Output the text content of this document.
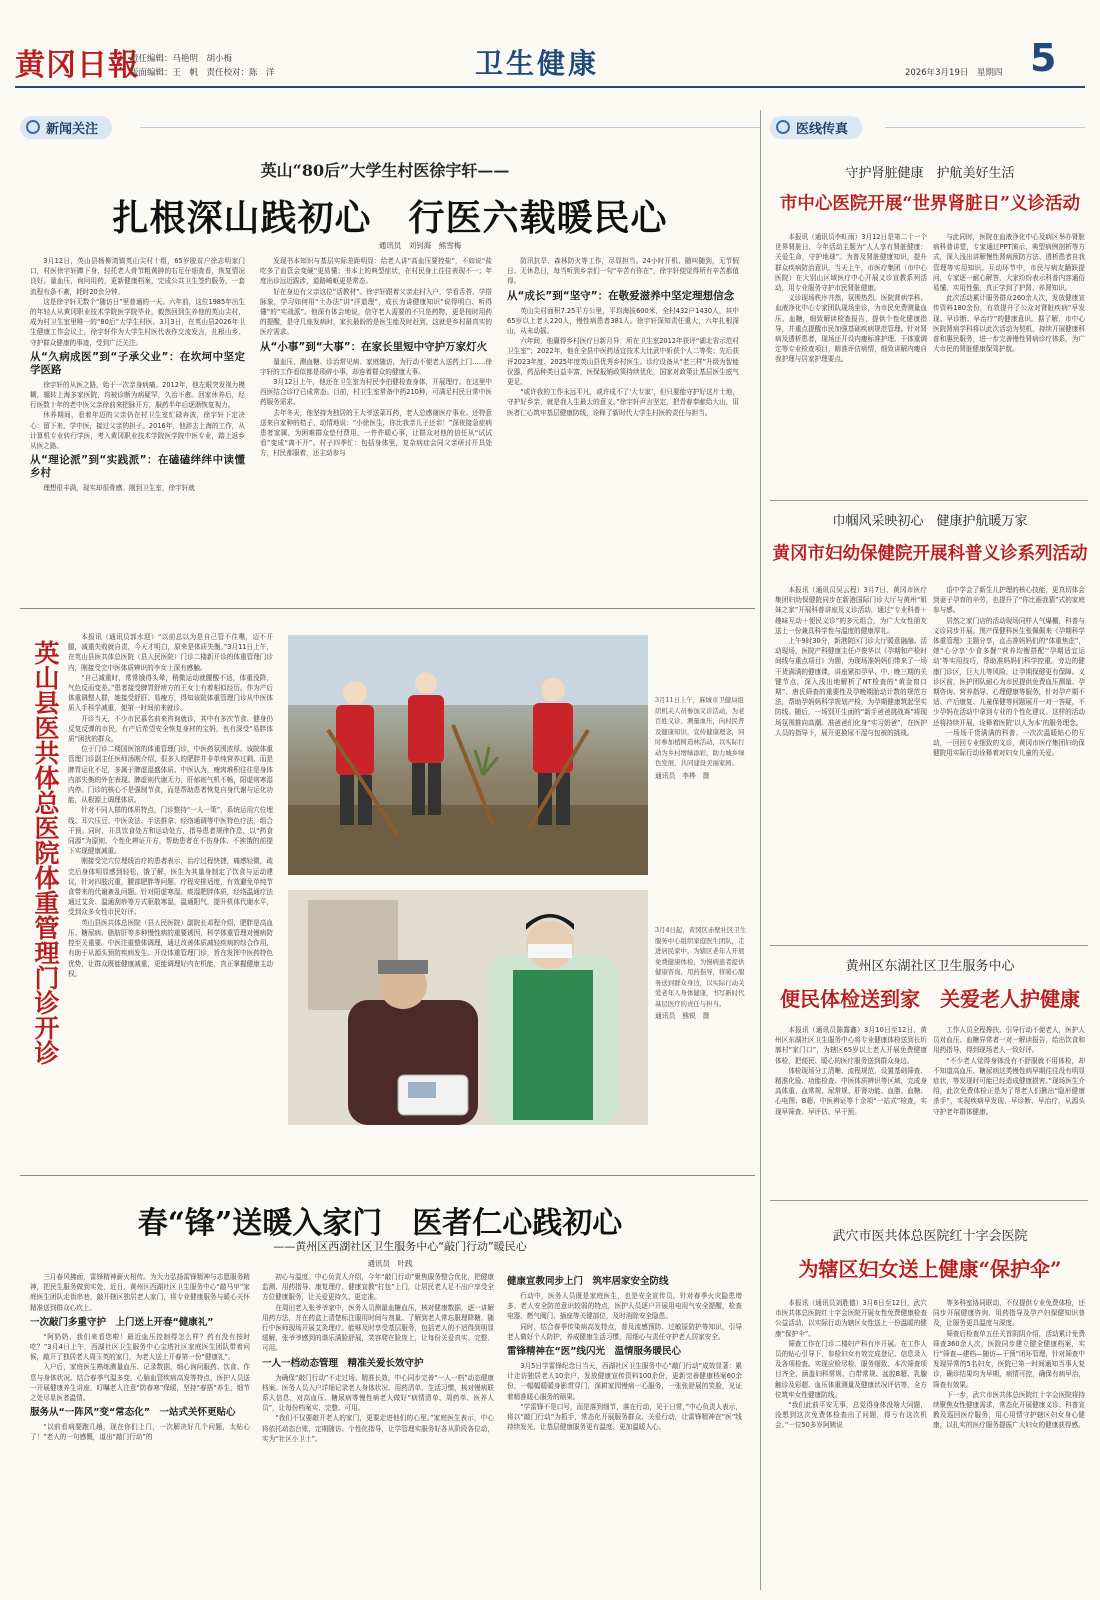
黄冈日報
责任编辑：马艳明　胡小梅
版面编辑：王　帆　责任校对：陈　洋	卫生健康	2026年3月19日　星期四 5
新闻关注	医线传真
英山“80后”大学生村医徐宇轩——
扎根深山践初心　行医六载暖民心
通讯员　刘钊海　熊雪梅

3月12日，英山县杨柳湾镇英山尖村十组，65岁脱贫户徐志明家门口，村医徐宇轩蹲下身，轻托老人骨节粗黄肿的右足仔细查看，恢复情况良好。量血压，询问用药，更新健康档案，完成公共卫生签约服务，一套流程有条不紊，耗时20余分钟。

这是徐宇轩无数个“随访日”里普通的一天。六年前，这位1985年出生的年轻人从黄冈职业技术学院医学院毕业，毅然回到生养他的英山尖村，成为村卫生室里唯一的“80后”大学生村医。3月3日，在英山县2026年卫生健康工作会议上，徐宇轩作为大学生村医代表作交流发言，扎根山乡、守护群众健康的事迹，受到广泛关注。

从“久病成医”到“子承父业”：在坎坷中坚定学医路

徐宇轩的从医之路，始于一次亲身病痛。2012年，他左眼突发视力模糊，辗转上海多家医院，均被诊断为病疑罕，久治不愈。回家休养后，经行医数十年的老中医父亲徐前来把脉开方，服药半年后逐渐恢复视力。

休养期间，看着年迈的父亲仍在村卫生室忙碌奔波，徐宇轩下定决心：留下来，学中医，接过父亲的担子。2016年，他辞去上海的工作，从计算机专业转行学医，考入黄冈职业技术学院医学院中医专业，踏上返乡从医之路。

从“理论派”到“实践派”：在磕磕绊绊中读懂乡村

理想很丰满，现实却很骨感。刚到卫生室，徐宇轩就

发现书本知识与基层实际差距明显：给老人讲“高血压要控盐”，不如说“盐吃多了血管会变硬”更易懂；书本上的典型症状，在村民身上往往表现不一；年度出诊远近跋涉，道路崎岖更是常态。

好在身边有父亲这位“活教材”。徐宇轩跟着父亲走村入户，学看舌苔、学搭脉象，学习如何用“土办法”讲“洋道理”，成长为讲健康知识“说得明白、听得懂”的“实战派”。他深有体会地说，信守老人需要的不只是药物，更是按时用药的提醒，是守几座发病时，家长最盼的是医生能及时赶到，这就是乡村最真实的医疗需求。

从“小事”到“大事”：在家长里短中守护万家灯火

量血压、测血糖、诊治常见病、家庭随访，为行动不便老人送药上门……徐宇轩的工作看似都是琐碎小事，却连着群众的健康大事。

3月12日上午，他还在卫生室为村民李伯健检查身体，开展理疗。在这里中西医结合诊疗已成常态。目前，村卫生室常备中药210种，可满足村民日常中医药服务需求。

去年冬天，他坚持为独居的王大爷送菜耳药，老人总感谢医疗事业。还特意送来自家种的桔子，动情地说：“小徐医生，你比我亲儿子还亲！”深夜接急症病患者家属，为困难群众垫付费用，一件件暖心事，让群众对他的信任从“试试看”变成“离不开”。村子四季忙：包括身体里，复杂病症会同父亲研讨开具处方，村民都服着，还主动参与

防汛抗旱、森林防火等工作，尽显担当。24小时开机、随叫随到，无节假日、无休息日，每当听到乡亲们一句“辛苦有你在”，徐宇轩便觉得所有辛苦都值得。

从“成长”到“坚守”：在敬爱滋养中坚定理想信念

英山尖村面积7.25平方公里，平均海拔600米，全村432户1430人，其中65岁以上老人220人，慢性病患者381人。徐宇轩深知责任重大，六年扎根深山，从未动摇。

六年间，他赢得乡村医疗日新月异：所在卫生室2012年获评“湖北省示范村卫生室”；2022年，他在全县中医药适宜技术大比武中斩获个人二等奖；先后获评2023年度、2025年度英山县优秀乡村医生。诊疗设备从“老三样”升级为智能仪器，药品种类日益丰富，医保报销政策持续优化，国家对政策让基层医生底气更足。

“或许我的工作永远平凡，或许成不了‘大专家’，但只要能守护好这片土地，守护好乡亲，就是我人生最大的意义。”徐宇轩声言坚定，把青春奉献给大山，用医者仁心筑牢基层健康防线，诠释了新时代大学生村医的责任与担当。

英山县医共体总医院体重管理门诊开诊

本报讯（通讯员郭水迎）“以前总以为是自己管不住嘴，迈不开腿，减重失败就自责，今天才明白，原来是体质失衡。”3月11日上午，在英山县医共体总医院（县人民医院）门诊二楼新开诊的体重管理门诊内，刚接受完中医体质辨识的李女士深有感触。

“自己减重时，常常饿得头晕，稍微运动就腰酸不适，体重没降，气色反而变差。”患者接受脾胃舒痞方的王女士有着相似经历。作为产后体重调整人群，她接受舒肝、易瘦方，得知该院体重管理门诊从中医体质入手科学减重，便第一时间前来就诊。

开诊当天，不少市民慕名前来咨询就诊，其中有多次节食、健身仍反复反弹的市民，有产后希望安全恢复身材的宝妈，也有深受“易胖体质”困扰的群众。

位于门诊二楼国医馆的体重管理门诊，中医药氛围浓厚。该院体重管理门诊副主任医师汤刚介绍，很多人的肥胖并非单纯营养过剩，而是脾胃运化不足，多属于脾虚湿盛体质。中医认为，瘦肉堆积往往是身体内部失衡的外在表现。脾虚则代谢无力，肝郁则气机不畅，阳虚则寒湿内停。门诊的核心不是强制节食，而是帮助患者恢复自身代谢与运化功能，从根源上调理体质。

针对不同人群的体质特点，门诊整持“一人一策”，系统运用穴位埋线、耳穴压豆、中医灸法、手法推拿、经络通调等中医特色疗法，组合干预。同时，开具饮食处方和运动处方，指导患者规律作息，以“药食同源”为原则，个性化辨证开方，帮助患者在不伤身体、不挨饿的前提下实现健康减重。

刚接受完穴位埋线治疗的患者表示，治疗过程快捷，痛感轻微，疏完后身体明显感到轻松，饿了解，医生为其量身制定了饮食与运动建议，针对四肢沉重，腰部肥胖等问题，疗程安排适度，有效避免单纯节食带来的代谢紊乱问题。针对阳虚寒湿、痰湿肥胖体质，经络温通疗法通过艾灸、温通刮痧等方式驱散寒湿，温通阳气，提升机体代谢水平，受到众多女性市民好评。

英山县医共体总医院（县人民医院）副院长邓程介绍，肥胖是高血压、糖尿病、脂肪肝等多种慢性病的重要诱因，科学体重管理对慢病防控至关重要。中医注重整体调理，通过改善体质减轻疾病的综合作用，有助于从源头预防疾病发生。开设体重管理门诊，旨在发挥中医药特色优势，让群众既能健康减重，更能调理好内在机能，真正掌握健康主动权。

3月11日上午，麻城市卫健局组织机关人员参加义诊活动，为老百姓义诊、测量血压，向村民普及健康知识，宣传健康理念，同时参加植树造林活动，以实际行动为乡村增绿添彩，助力城乡绿色发展，共同建设美丽家园。
通讯员　李桦　摄
3月4日起，黄冈区赤壁社区卫生服务中心组织家庭医生团队，走进居民家中，为辖区老年人开展免费健康体检，为慢病患者提供健康咨询、用药指导，将暖心服务送到群众身边，以实际行动关爱老年人身体健康，书写新时代基层医疗的责任与担当。
通讯员　熊锐　摄
春“锋”送暖入家门　医者仁心践初心
——黄州区西湖社区卫生服务中心“敲门行动”暖民心
通讯员　叶践

三月春风拂面，雷锋精神薪火相传。为大力弘扬雷锋精神与志愿服务精神，把民生服务做到实处，近日，黄州区西湖社区卫生服务中心“敲马甲”家庭医生团队走街串巷，敲开辖区独居老人家门，将专业健康服务与暖心关怀精准送到群众心坎上。

一次敲门多重守护　上门送上开春“健康礼”

“阿奶奶，我们来看您啦！最近血压控制得怎么样？药有没有按时吃？”3月4日上午，西湖社区卫生服务中心宝塔社区家庭医生团队带着问候，敲开了独居老人周玉英的家门，为老人送上开春第一份“健康礼”。

入户后，家庭医生熟练测量血压、记录数据，细心询问服药、饮食、作息与身体状况。结合春季气温多变，心脑血管疾病高发等特点，医护人员送一开展健康养生讲座，叮嘱老人注意“防春寒”保暖，坚持“春捂”养生，细节之处尽显医者温情。

服务从“一阵风”变“常态化”　一站式关怀更贴心

“以前看病要跑几趟，现在你们上门，一次解决好几个问题，太贴心了！”老人的一句感慨，道出“敲门行动”的

初心与温度。中心负责人介绍，今年“敲门行动”聚焦服务整合优化，把健康监测、用药指导、康复理疗、健康宣教“打包”上门，让居民老人足不出户享受全方位健康服务，让关爱更持久、更定准。

在周田老人张爷爷家中，医务人员测量血糖血压，核对健康数据，逐一讲解用药方法，并在药盒上清楚标注服用时间与剂量。了解到老人常忘服理降糖，随行中医师现场开展艾灸理疗。能够及时享受基层服务，包括老人的不适得到明显缓解，张爷爷感到的谐乐满脸舒展，笑容爬在脸庞上，让每份关爱真实、完整、可用。

一人一档动态管理　精准关爱长效守护

为确保“敲门行动”不走过场、精准长效，中心同步完善“一人一档”动态健康档案。医务人员入户详细记录老人身体状况、用药清单、生活习惯，核对慢病联系人信息，对高血压、糖尿病等慢性病老人做好“病情清单、周药单、医养人员”，让每份档案实、完整、可用。

“我们不仅要敲开老人的家门，更要走进他们的心里。”家庭医生表示，中心将依托动态台账，定期随访、个性化指导，让学管理实服务好各从阶段各位动，实为“社区小卫士”。

健康宣教同步上门　筑牢居家安全防线

行动中，医务人员既是家庭医生，也是安全宣传员。针对春季火灾隐患增多、老人安全防范意识较弱的特点，医护人员逐户开展用电用气安全提醒，检查电器、燃气阀门、插座等关键部位，及时消除安全隐患。

同时，结合春季传染病高发特点，普及流感预防、过敏原防护等知识，引导老人做好个人防护，养成健康生活习惯，用细心与责任守护老人居家安全。

雷锋精神在“医”线闪光　温情服务暖民心

3月5日学雷锋纪念日当天，西湖社区卫生服务中心“敲门行动”成效显著：累计走访独居老人10余户，发放健康宣传资料100余份，更新完善健康档案60余份，一幅幅暖暖身影贯穿门，深耕家园慢病一心服务，一张张舒展的笑脸，见证着精准暖心服务的硕果。

“学雷锋不是口号，而是落到细节，落在行动，见于日常，”中心负责人表示，将以“敲门行动”为抓手，常态化开展服务群众、关爱行动，让雷锋精神在“医”线持续发光，让基层健康服务更有温度、更加温暖人心。

守护肾脏健康　护航美好生活
市中心医院开展“世界肾脏日”义诊活动

本报讯（通讯员李虹雨）3月12日是第二十一个世界肾脏日，今年活动主题为“人人享有肾脏健康：关爱生命，守护地球”。为普及肾脏健康知识，提升群众疾病防治意识，当天上午，市医疗集团（市中心医院）在大别山区域医疗中心开展义诊宣教系列活动，用专业服务守护市民肾脏健康。

义诊现场秩序井然、氛围热烈。医院肾病学科、血液净化中心专家团队现场坐诊，为市民免费测量血压、血糖，细致解读检查报告，提供个性化健康指导，并重点提醒市民加强基础疾病规范管理。针对肾病及透析患者，现场还开设内瘘标准护理、干体重调定等专业检查项目，精准评估病情，细致讲解内瘘自我护理与居家护理要点。

与此同时，医院在血液净化中心及病区举办肾脏病科普讲堂，专家通过PPT演示、典型病例剖析等方式，深入浅出讲解慢性肾病预防方法、透析患者自我管理等实用知识。互动环节中，市民与病友踊跃提问，专家逐一耐心解答，大家纷纷表示科普内容通俗易懂、实用性强，真正学到了护肾、养肾知识。

此次活动累计服务群众260余人次，发放健康宣传资料180余份，有效提升了公众对肾脏疾病“早发现、早诊断、早治疗”的健康意识。据了解，市中心医院肾病学科将以此次活动为契机，持续开展健康科普和惠民服务，进一步完善慢性肾病诊疗体系，为广大市民的肾脏健康保驾护航。

巾帼风采映初心　健康护航暖万家
黄冈市妇幼保健院开展科普义诊系列活动

本报讯（通讯员吴云程）3月7日，黄冈市医疗集团妇幼保健院同步在新港国际门诊大厅与黄州“姐妹之家”开展科普讲座及义诊活动，通过“专业科普＋趣味互动＋便民义诊”的多元组合，为广大女性朋友送上一份兼具科学性与温度的健康厚礼。

上午9时30分，新港院区门诊大厅暖意融融。活动现场，医院产科健康主任卢俊华以《孕期和产检时间线与重点项目》为题，为现场准妈妈们带来了一场干货满满的健康课，讲座紧扣孕早、中、晚三期的关键节点，深入浅出地解析了NT检查的“黄金窗口期”、唐氏筛查的重要性及孕晚期胎动计数的规范方法，帮助孕妈妈科学规划产检，为孕期健康筑起坚实防线。随后，一场别开生面的“新手爸爸挑战赛”将现场氛围推向高潮。准爸爸们化身“实习奶爸”，在医护人员的指导下，展开更换尿不湿与包被的挑战。

语中学会了新生儿护理的核心技能，更真切体会到妻子孕育的辛劳，也提升了“你比画我猜”式的家庭参与感。

居然之家门店的活动现场同样人气爆棚，科普与义诊同步开展。围产保健科医生张佩佩来《孕期科学体重管理》主题分享，直击准妈妈们的“体重焦虑”，她“心分享‘少食多餐’‘营养均衡搭配’‘孕期适宜运动’等实用技巧，帮助准妈妈们科学控重。旁边的健康门诊区，巨大儿等风险，让孕期保健更有保障。义诊区前，医护团队耐心为市民提供免费血压测量、孕期咨询、营养指导、心理健康等服务，针对孕产期不适、产后康复、儿童保健等问题展开一对一答疑，不少孕妈在活动中拿到专业的个性化建议。这样的活动还将持续开展，诠释着医院‘以人为本’的服务理念。

一场场干货满满的科普、一次次温暖贴心的互动，一回回专业细致的义诊，黄冈市医疗集团妇幼保健院用实际行动诠释着对妇女儿童的关爱。

黄州区东湖社区卫生服务中心
便民体检送到家　关爱老人护健康

本报讯（通讯员陈露鑫）3月10日至12日，黄州区东湖社区卫生服务中心将专业健康体检送到长圻廓村“家门口”，为辖区65岁以上老人开展免费健康体检，把便民、暖心的医疗服务送到群众身边。

体检现场分工清晰、流程规范，设置基础筛查、精准化验、功能检查、中医体质辨识等区域，完成身高体重、血常规、尿常规、肝肾功能、血脂、血糖、心电图、B超、中医辨证等十余项“一站式”检查，实现早筛查、早评估、早干预。

工作人员全程搀扶、引导行动不便老人，医护人员对血压、血糖异常者一对一解读报告，给出饮食和用药指导，得到现场老人一致好评。

“不少老人觉得身体没有不舒服就不用体检，却不知道高血压、糖尿病这类慢性病早期往往没有明显症状，等发现时可能已经造成健康损害。”现场医生介绍，此次免费体检正是为了帮老人们揪出“隐形健康杀手”，实现疾病早发现、早诊断、早治疗，从源头守护老年群体健康。

武穴市医共体总医院红十字会医院
为辖区妇女送上健康“保护伞”

本报讯（通讯员刘胜德）3月6日至12日，武穴市医共体总医院红十字会医院开展女性免费健康检查公益活动，以实际行动为辖区女性送上一份温暖的健康“保护伞”。

筛查工作在门诊二楼妇产科有序开展。在工作人员的贴心引导下，参检妇女有效完成登记、信息录入及各项检查。实现应检尽检、服务细致、本次筛查项目齐全，涵盖妇科常规、白带常规、盆腔B超、乳腺触诊及彩超、血压体重测量及健康状况评估等，全方位筑牢女性健康防线。

“我们此前平安无事，总觉得身体没啥大问题，没想到这次免费体检查出了问题，得亏有这次机会。”一位50多岁阿姨说

等多科室协同联动，不仅提供专业免费体检，还同步开展健康咨询、用药指导及孕产妇保健知识普及，让服务更具温度与深度。

筛查后检查单五任关首阴阴介绍，活动累计免费筛查360余人次，医院同步建立健全健康档案，实行“筛查—建档—随访—干预”闭环管理，针对筛查中发现异常的5名妇女，医院已第一时间通知当事人复诊，确诊结果均为早期，病情可控，确保有病早治，筛查有效果。

下一步，武穴市医共体总医院红十字会医院将持续聚焦女性健康需求，常态化开展健康义诊、科普宣教及巡回医疗服务，用心用情守护辖区妇女身心健康，以扎实的医疗服务提振广大妇女的健康获得感。
